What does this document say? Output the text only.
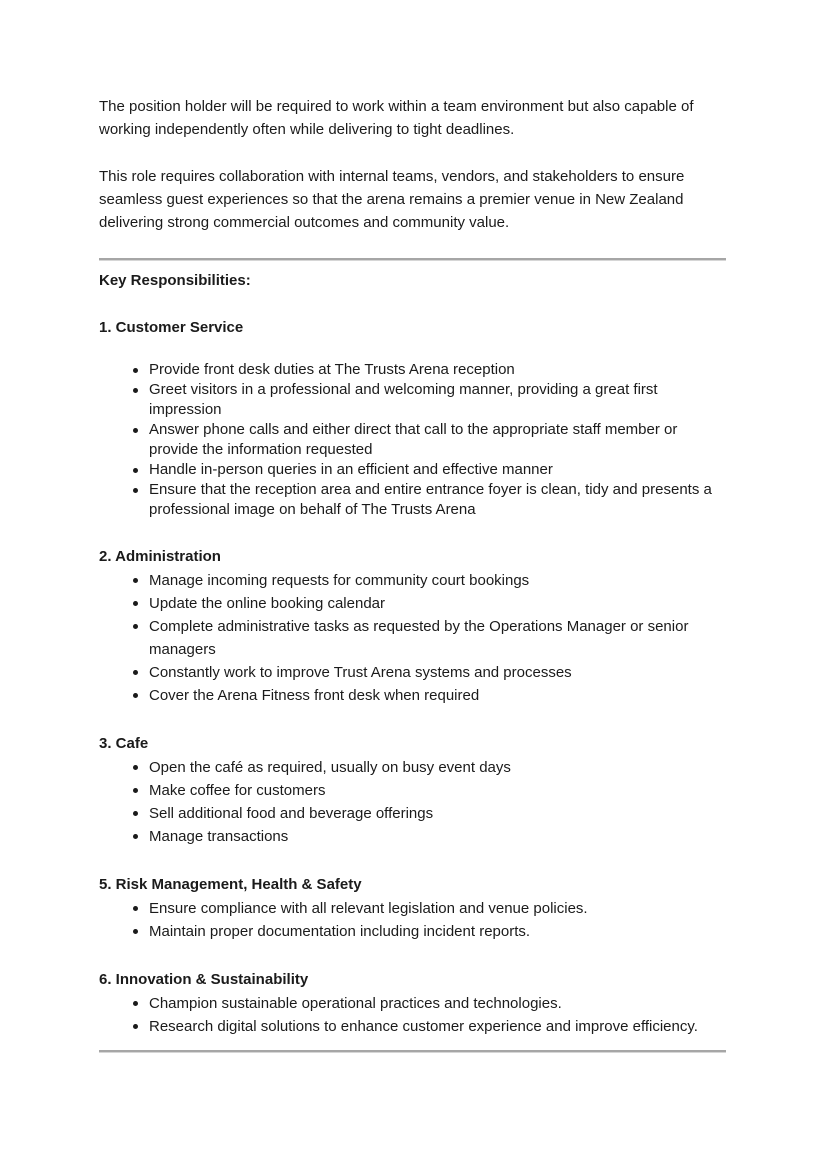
The position holder will be required to work within a team environment but also capable of working independently often while delivering to tight deadlines.

This role requires collaboration with internal teams, vendors, and stakeholders to ensure seamless guest experiences so that the arena remains a premier venue in New Zealand delivering strong commercial outcomes and community value.

Key Responsibilities:
1. Customer Service
Provide front desk duties at The Trusts Arena reception
Greet visitors in a professional and welcoming manner, providing a great first impression
Answer phone calls and either direct that call to the appropriate staff member or provide the information requested
Handle in-person queries in an efficient and effective manner
Ensure that the reception area and entire entrance foyer is clean, tidy and presents a professional image on behalf of The Trusts Arena
2. Administration
Manage incoming requests for community court bookings
Update the online booking calendar
Complete administrative tasks as requested by the Operations Manager or senior managers
Constantly work to improve Trust Arena systems and processes
Cover the Arena Fitness front desk when required
3. Cafe
Open the café as required, usually on busy event days
Make coffee for customers
Sell additional food and beverage offerings
Manage transactions
5. Risk Management, Health & Safety
Ensure compliance with all relevant legislation and venue policies.
Maintain proper documentation including incident reports.
6. Innovation & Sustainability
Champion sustainable operational practices and technologies.
Research digital solutions to enhance customer experience and improve efficiency.
